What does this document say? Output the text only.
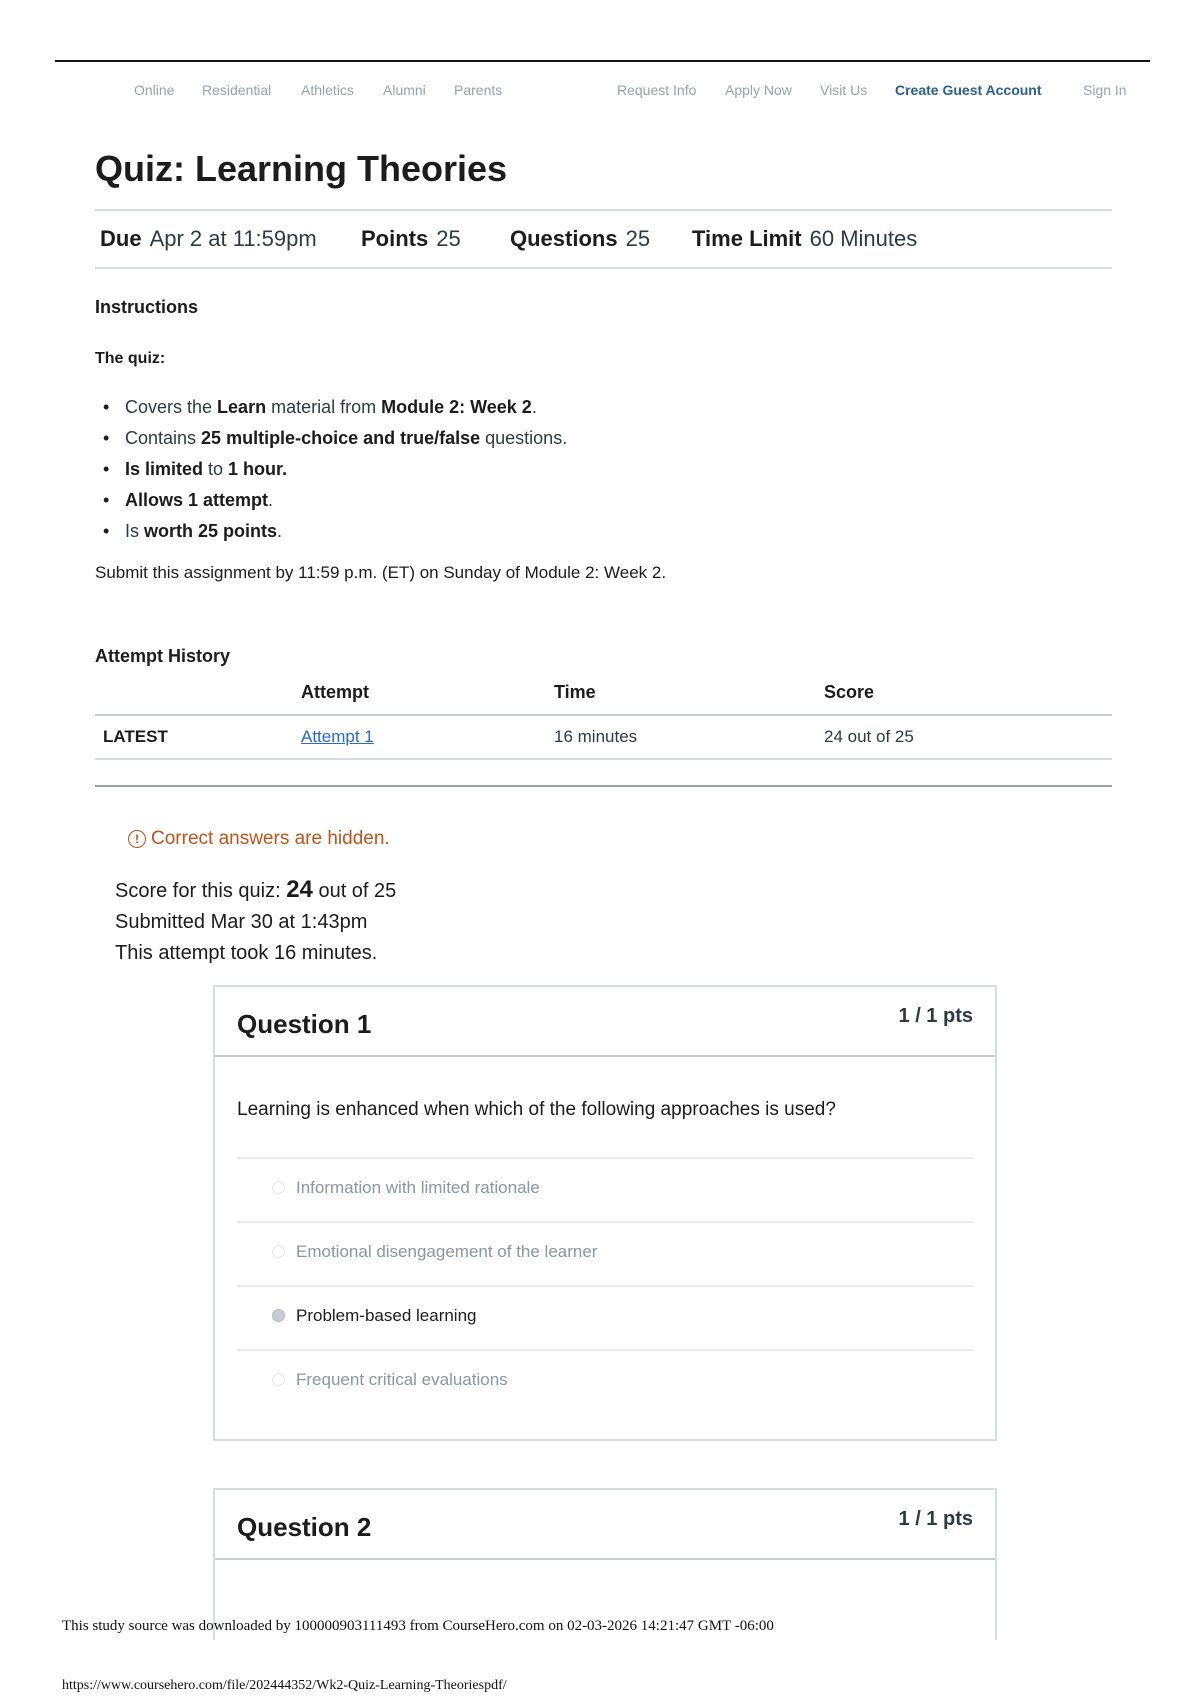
Online Residential Athletics Alumni Parents	Request Info Apply Now Visit Us Create Guest Account	Sign In
Quiz: Learning Theories
Due Apr 2 at 11:59pm Points 25 Questions 25 Time Limit 60 Minutes
Instructions
The quiz:
• Covers the Learn material from Module 2: Week 2.
• Contains 25 multiple-choice and true/false questions.
• Is limited to 1 hour.
• Allows 1 attempt.
• Is worth 25 points.
Submit this assignment by 11:59 p.m. (ET) on Sunday of Module 2: Week 2.
Attempt History
	Attempt	Time	Score
LATEST	Attempt 1	16 minutes	24 out of 25
! Correct answers are hidden.
Score for this quiz: 24 out of 25
Submitted Mar 30 at 1:43pm
This attempt took 16 minutes.
Question 1	1 / 1 pts
Learning is enhanced when which of the following approaches is used?
Information with limited rationale
Emotional disengagement of the learner
Problem-based learning
Frequent critical evaluations
Question 2	1 / 1 pts
This study source was downloaded by 100000903111493 from CourseHero.com on 02-03-2026 14:21:47 GMT -06:00
https://www.coursehero.com/file/202444352/Wk2-Quiz-Learning-Theoriespdf/
